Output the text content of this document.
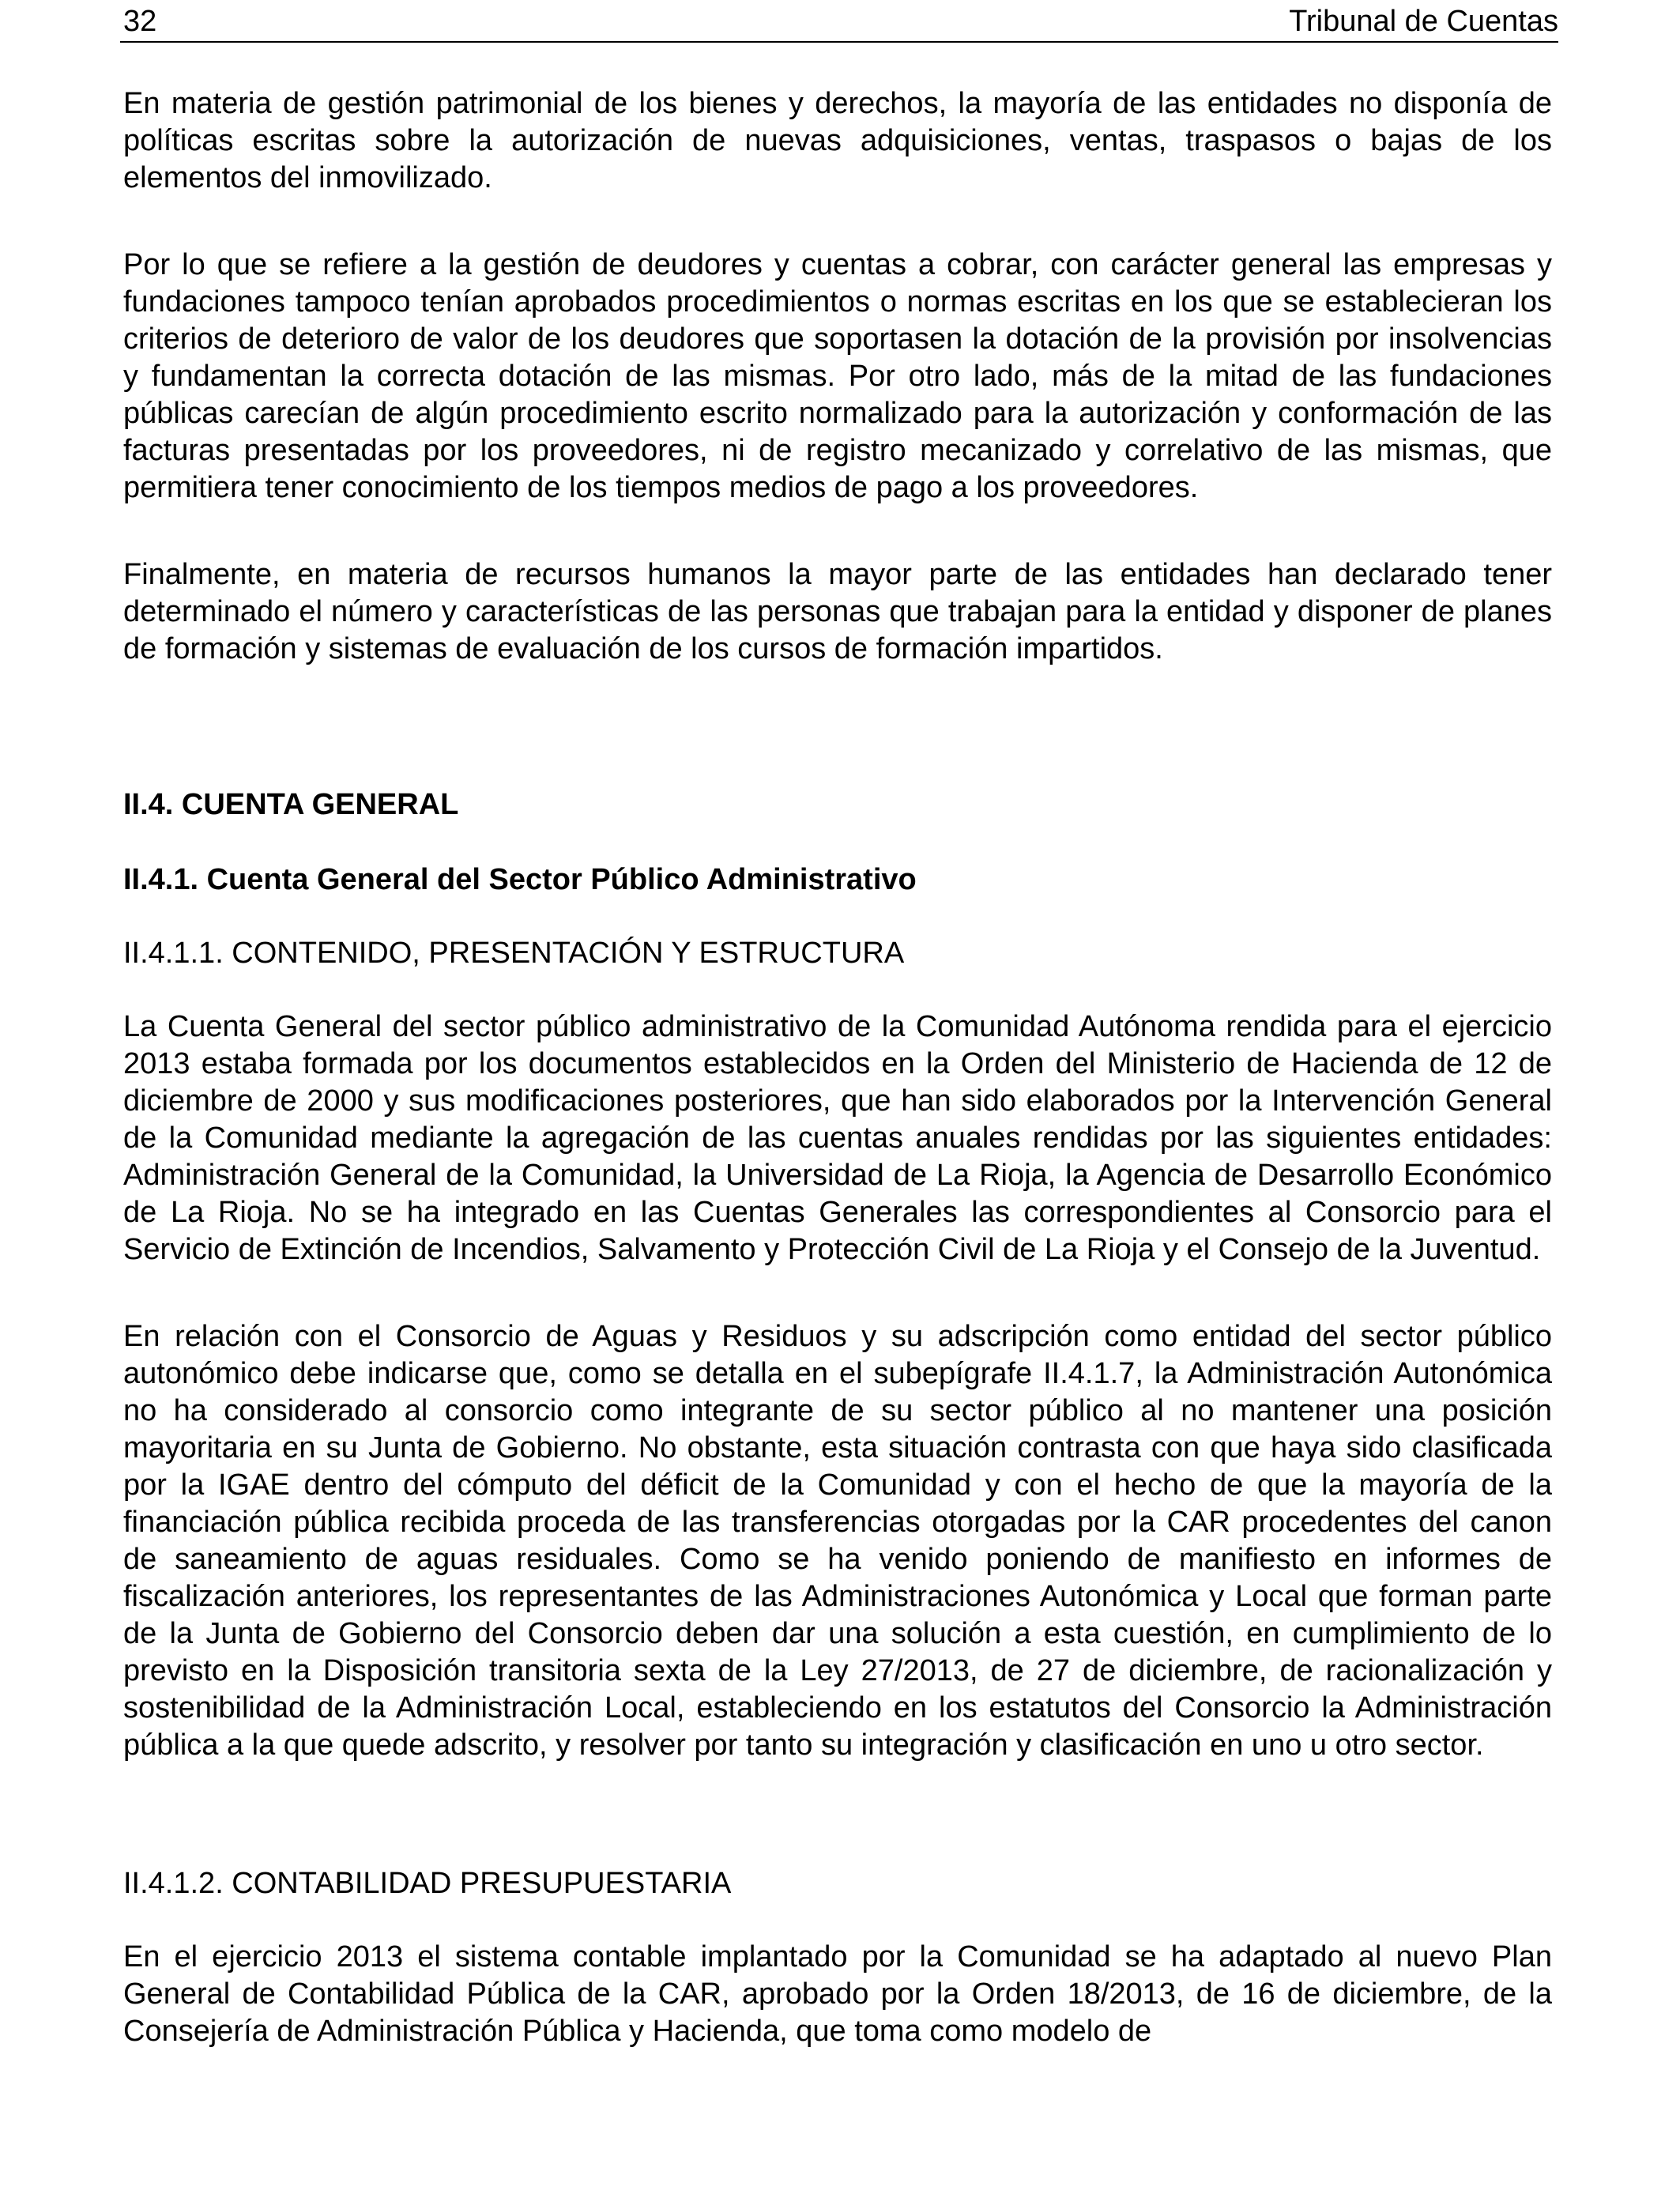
32	Tribunal de Cuentas

En materia de gestión patrimonial de los bienes y derechos, la mayoría de las entidades no disponía de políticas escritas sobre la autorización de nuevas adquisiciones, ventas, traspasos o bajas de los elementos del inmovilizado.

Por lo que se refiere a la gestión de deudores y cuentas a cobrar, con carácter general las empresas y fundaciones tampoco tenían aprobados procedimientos o normas escritas en los que se establecieran los criterios de deterioro de valor de los deudores que soportasen la dotación de la provisión por insolvencias y fundamentan la correcta dotación de las mismas. Por otro lado, más de la mitad de las fundaciones públicas carecían de algún procedimiento escrito normalizado para la autorización y conformación de las facturas presentadas por los proveedores, ni de registro mecanizado y correlativo de las mismas, que permitiera tener conocimiento de los tiempos medios de pago a los proveedores.

Finalmente, en materia de recursos humanos la mayor parte de las entidades han declarado tener determinado el número y características de las personas que trabajan para la entidad y disponer de planes de formación y sistemas de evaluación de los cursos de formación impartidos.

II.4. CUENTA GENERAL
II.4.1. Cuenta General del Sector Público Administrativo
II.4.1.1. CONTENIDO, PRESENTACIÓN Y ESTRUCTURA

La Cuenta General del sector público administrativo de la Comunidad Autónoma rendida para el ejercicio 2013 estaba formada por los documentos establecidos en la Orden del Ministerio de Hacienda de 12 de diciembre de 2000 y sus modificaciones posteriores, que han sido elaborados por la Intervención General de la Comunidad mediante la agregación de las cuentas anuales rendidas por las siguientes entidades: Administración General de la Comunidad, la Universidad de La Rioja, la Agencia de Desarrollo Económico de La Rioja. No se ha integrado en las Cuentas Generales las correspondientes al Consorcio para el Servicio de Extinción de Incendios, Salvamento y Protección Civil de La Rioja y el Consejo de la Juventud.

En relación con el Consorcio de Aguas y Residuos y su adscripción como entidad del sector público autonómico debe indicarse que, como se detalla en el subepígrafe II.4.1.7, la Administración Autonómica no ha considerado al consorcio como integrante de su sector público al no mantener una posición mayoritaria en su Junta de Gobierno. No obstante, esta situación contrasta con que haya sido clasificada por la IGAE dentro del cómputo del déficit de la Comunidad y con el hecho de que la mayoría de la financiación pública recibida proceda de las transferencias otorgadas por la CAR procedentes del canon de saneamiento de aguas residuales. Como se ha venido poniendo de manifiesto en informes de fiscalización anteriores, los representantes de las Administraciones Autonómica y Local que forman parte de la Junta de Gobierno del Consorcio deben dar una solución a esta cuestión, en cumplimiento de lo previsto en la Disposición transitoria sexta de la Ley 27/2013, de 27 de diciembre, de racionalización y sostenibilidad de la Administración Local, estableciendo en los estatutos del Consorcio la Administración pública a la que quede adscrito, y resolver por tanto su integración y clasificación en uno u otro sector.

II.4.1.2. CONTABILIDAD PRESUPUESTARIA

En el ejercicio 2013 el sistema contable implantado por la Comunidad se ha adaptado al nuevo Plan General de Contabilidad Pública de la CAR, aprobado por la Orden 18/2013, de 16 de diciembre, de la Consejería de Administración Pública y Hacienda, que toma como modelo de
